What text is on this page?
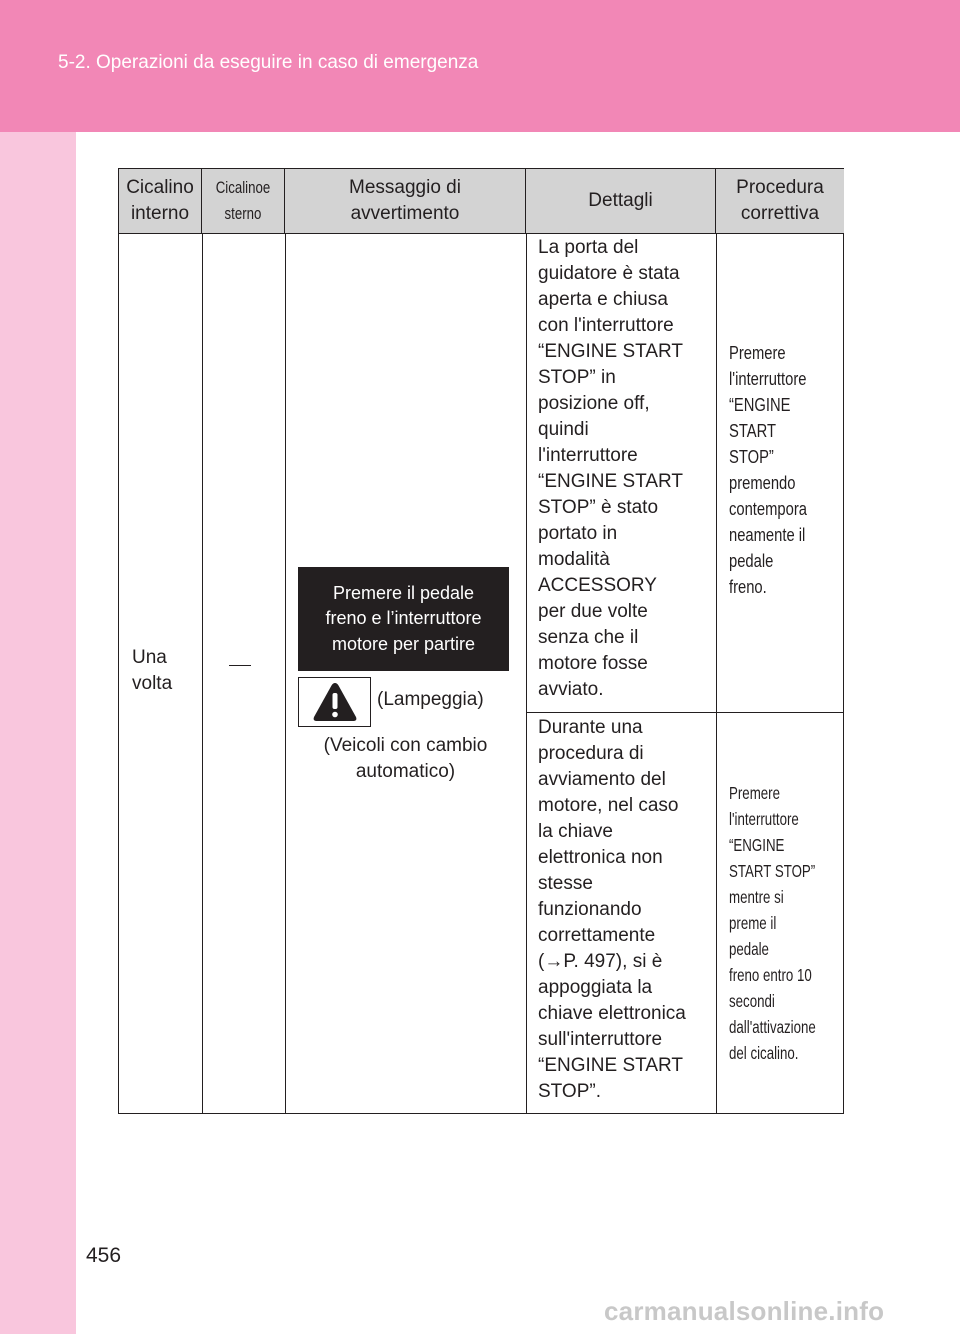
5-2. Operazioni da eseguire in caso di emergenza
Cicalino
interno
Cicalinoe
sterno
Messaggio di
avvertimento
Dettagli
Procedura
correttiva
Una
volta
Premere il pedale
freno e l’interruttore
motore per partire
(Lampeggia)
(Veicoli con cambio
automatico)
La porta del
guidatore è stata
aperta e chiusa
con l'interruttore
“ENGINE START
STOP” in
posizione off,
quindi
l'interruttore
“ENGINE START
STOP” è stato
portato in
modalità
ACCESSORY
per due volte
senza che il
motore fosse
avviato.
Durante una
procedura di
avviamento del
motore, nel caso
la chiave
elettronica non
stesse
funzionando
correttamente
(→P. 497), si è
appoggiata la
chiave elettronica
sull'interruttore
“ENGINE START
STOP”.
Premere
l'interruttore
“ENGINE
START
STOP”
premendo
contempora
neamente il
pedale
freno.
Premere
l'interruttore
“ENGINE
START STOP”
mentre si
preme il pedale
freno entro 10
secondi
dall'attivazione
del cicalino.
456
carmanualsonline.info
